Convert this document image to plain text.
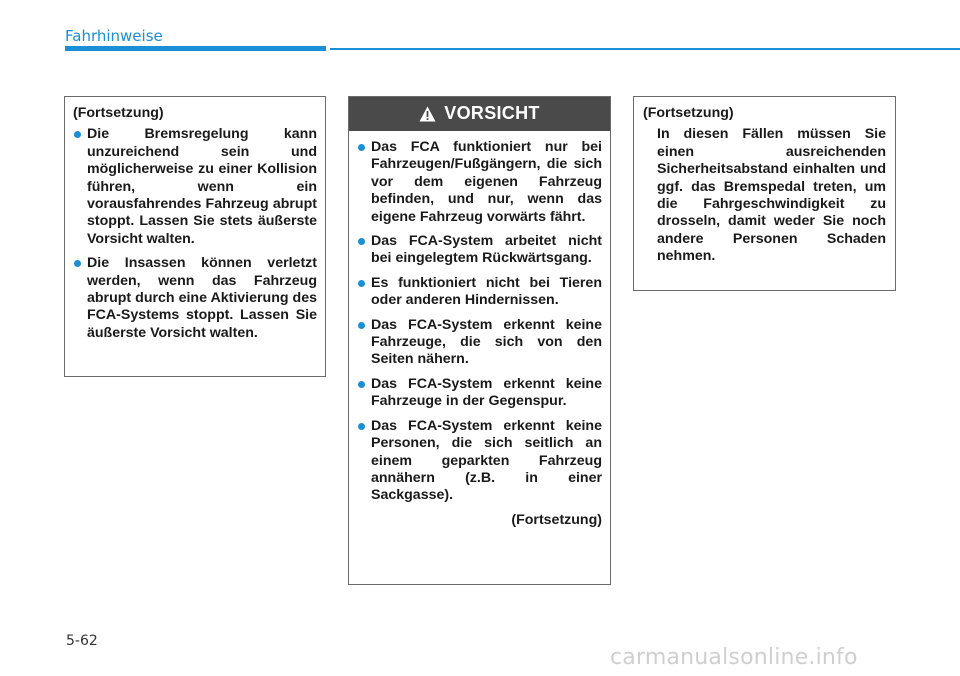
Fahrhinweise
(Fortsetzung)
Die Bremsregelung kann unzureichend sein und möglicherweise zu einer Kollision führen, wenn ein vorausfahrendes Fahrzeug abrupt stoppt. Lassen Sie stets äußerste Vorsicht walten.
Die Insassen können verletzt werden, wenn das Fahrzeug abrupt durch eine Aktivierung des FCA-Systems stoppt. Lassen Sie äußerste Vorsicht walten.
VORSICHT
Das FCA funktioniert nur bei Fahrzeugen/Fußgängern, die sich vor dem eigenen Fahrzeug befinden, und nur, wenn das eigene Fahrzeug vorwärts fährt.
Das FCA-System arbeitet nicht bei eingelegtem Rückwärtsgang.
Es funktioniert nicht bei Tieren oder anderen Hindernissen.
Das FCA-System erkennt keine Fahrzeuge, die sich von den Seiten nähern.
Das FCA-System erkennt keine Fahrzeuge in der Gegenspur.
Das FCA-System erkennt keine Personen, die sich seitlich an einem geparkten Fahrzeug annähern (z.B. in einer Sackgasse).
(Fortsetzung)
(Fortsetzung)
In diesen Fällen müssen Sie einen ausreichenden Sicherheitsabstand einhalten und ggf. das Bremspedal treten, um die Fahrgeschwindigkeit zu drosseln, damit weder Sie noch andere Personen Schaden nehmen.
5-62
carmanualsonline.info
